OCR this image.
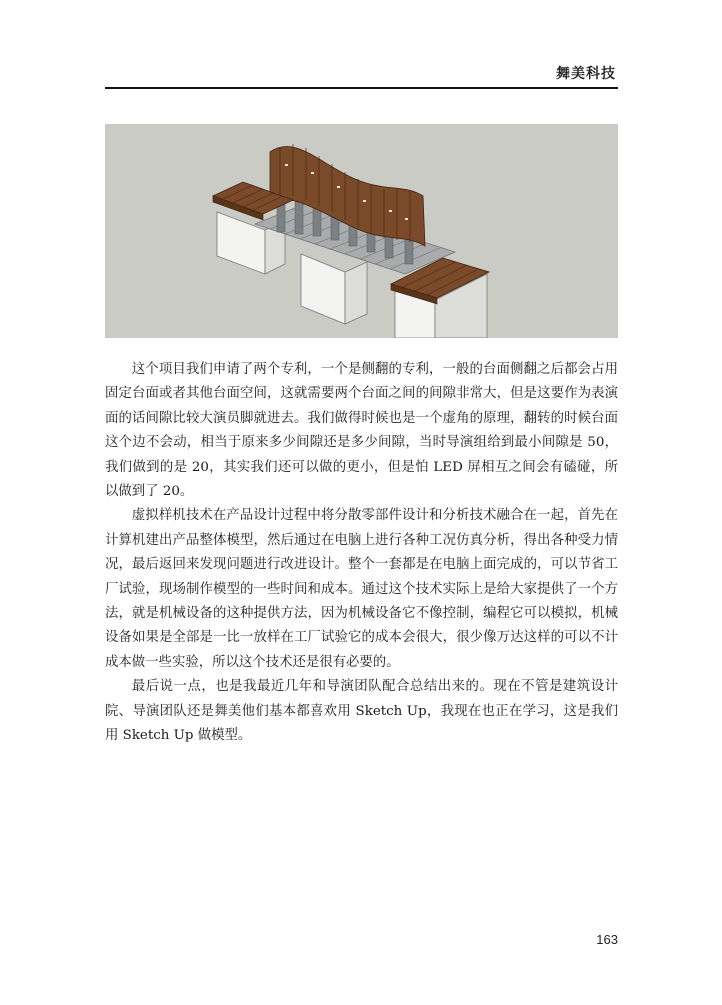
舞美科技

这个项目我们申请了两个专利，一个是侧翻的专利，一般的台面侧翻之后都会占用固定台面或者其他台面空间，这就需要两个台面之间的间隙非常大，但是这要作为表演面的话间隙比较大演员脚就进去。我们做得时候也是一个虚角的原理，翻转的时候台面这个边不会动，相当于原来多少间隙还是多少间隙，当时导演组给到最小间隙是 50，我们做到的是 20，其实我们还可以做的更小，但是怕 LED 屏相互之间会有磕碰，所以做到了 20。

虚拟样机技术在产品设计过程中将分散零部件设计和分析技术融合在一起，首先在计算机建出产品整体模型，然后通过在电脑上进行各种工况仿真分析，得出各种受力情况，最后返回来发现问题进行改进设计。整个一套都是在电脑上面完成的，可以节省工厂试验，现场制作模型的一些时间和成本。通过这个技术实际上是给大家提供了一个方法，就是机械设备的这种提供方法，因为机械设备它不像控制，编程它可以模拟，机械设备如果是全部是一比一放样在工厂试验它的成本会很大，很少像万达这样的可以不计成本做一些实验，所以这个技术还是很有必要的。

最后说一点，也是我最近几年和导演团队配合总结出来的。现在不管是建筑设计院、导演团队还是舞美他们基本都喜欢用 Sketch Up，我现在也正在学习，这是我们用 Sketch Up 做模型。

163
